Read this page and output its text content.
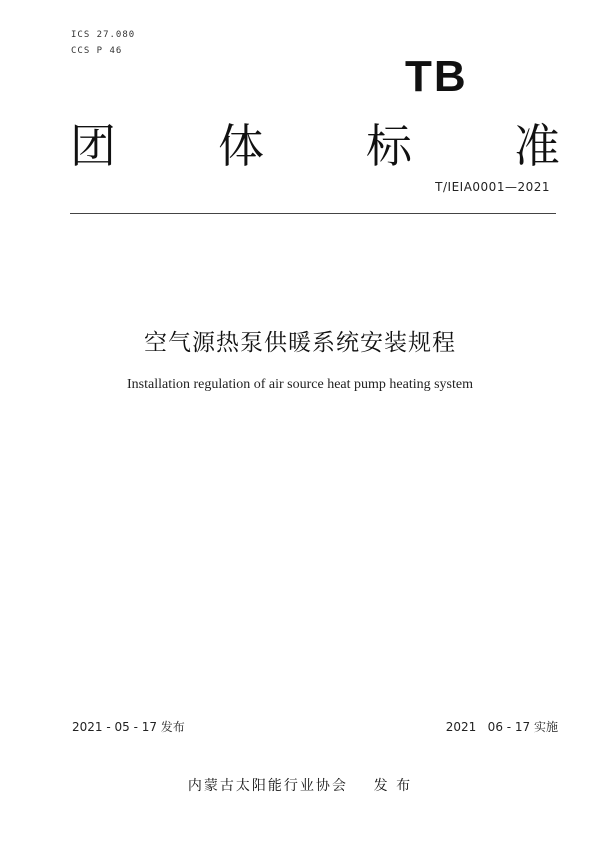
ICS 27.080
CCS P 46
TB
团 体 标 准
T/IEIA0001—2021
空气源热泵供暖系统安装规程
Installation regulation of air source heat pump heating system
2021 - 05 - 17 发布	2021   06 - 17 实施
内蒙古太阳能行业协会    发 布
